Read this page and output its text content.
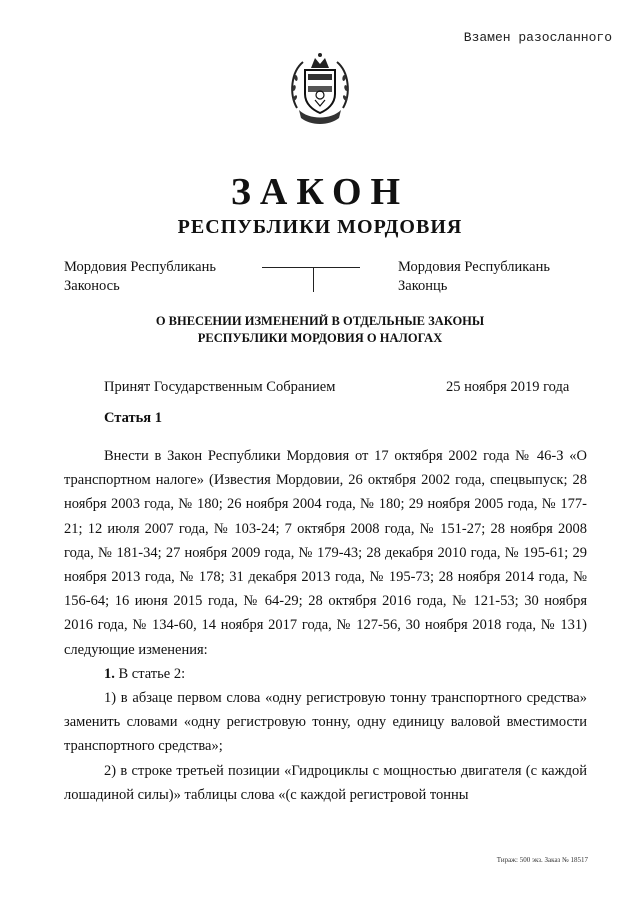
Взамен разосланного
ЗАКОН
РЕСПУБЛИКИ МОРДОВИЯ
Мордовия Республикань
Законось
Мордовия Республикань
Законць
О ВНЕСЕНИИ ИЗМЕНЕНИЙ В ОТДЕЛЬНЫЕ ЗАКОНЫ
РЕСПУБЛИКИ МОРДОВИЯ О НАЛОГАХ
Принят Государственным Собранием	25 ноября 2019 года
Статья 1

Внести в Закон Республики Мордовия от 17 октября 2002 года № 46-З «О транспортном налоге» (Известия Мордовии, 26 октября 2002 года, спецвыпуск; 28 ноября 2003 года, № 180; 26 ноября 2004 года, № 180; 29 ноября 2005 года, № 177-21; 12 июля 2007 года, № 103-24; 7 октября 2008 года, № 151-27; 28 ноября 2008 года, № 181-34; 27 ноября 2009 года, № 179-43; 28 декабря 2010 года, № 195-61; 29 ноября 2013 года, № 178; 31 декабря 2013 года, № 195-73; 28 ноября 2014 года, № 156-64; 16 июня 2015 года, № 64-29; 28 октября 2016 года, № 121-53; 30 ноября 2016 года, № 134-60, 14 ноября 2017 года, № 127-56, 30 ноября 2018 года, № 131) следующие изменения:

1. В статье 2:

1) в абзаце первом слова «одну регистровую тонну транспортного средства» заменить словами «одну регистровую тонну, одну единицу валовой вместимости транспортного средства»;

2) в строке третьей позиции «Гидроциклы с мощностью двигателя (с каждой лошадиной силы)» таблицы слова «(с каждой регистровой тонны

Тираж: 500 экз. Заказ № 18517
